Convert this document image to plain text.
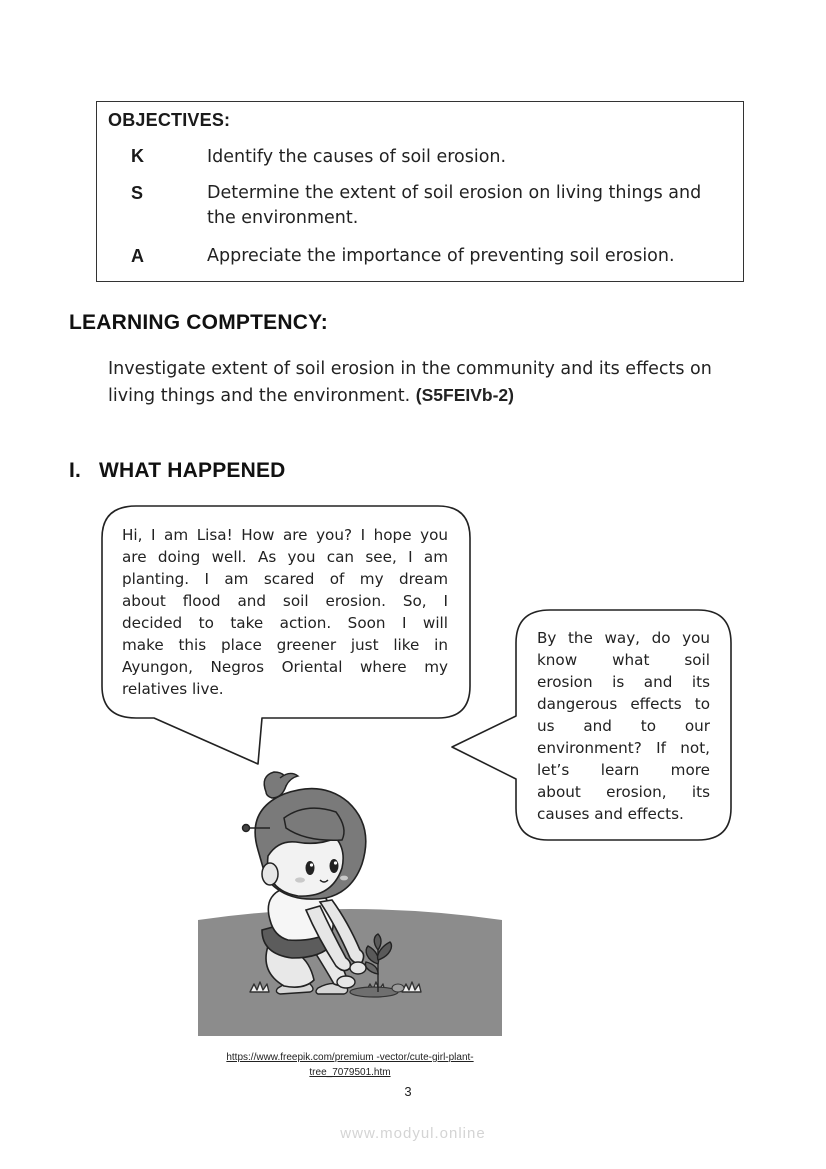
OBJECTIVES:
K	Identify the causes of soil erosion.
S	Determine the extent of soil erosion on living things and
the environment.
A	Appreciate the importance of preventing soil erosion.
LEARNING COMPTENCY:
Investigate extent of soil erosion in the community and its effects on
living things and the environment. (S5FEIVb-2)
I. WHAT HAPPENED
Hi, I am Lisa! How are you? I hope you
are doing well. As you can see, I am
planting. I am scared of my dream
about flood and soil erosion. So, I
decided to take action. Soon I will
make this place greener just like in
Ayungon, Negros Oriental where my
relatives live.
By the way, do you
know what soil
erosion is and its
dangerous effects to
us and to our
environment? If not,
let’s learn more
about erosion, its
causes and effects.
https://www.freepik.com/premium -vector/cute-girl-plant-
tree_7079501.htm
3
www.modyul.online
